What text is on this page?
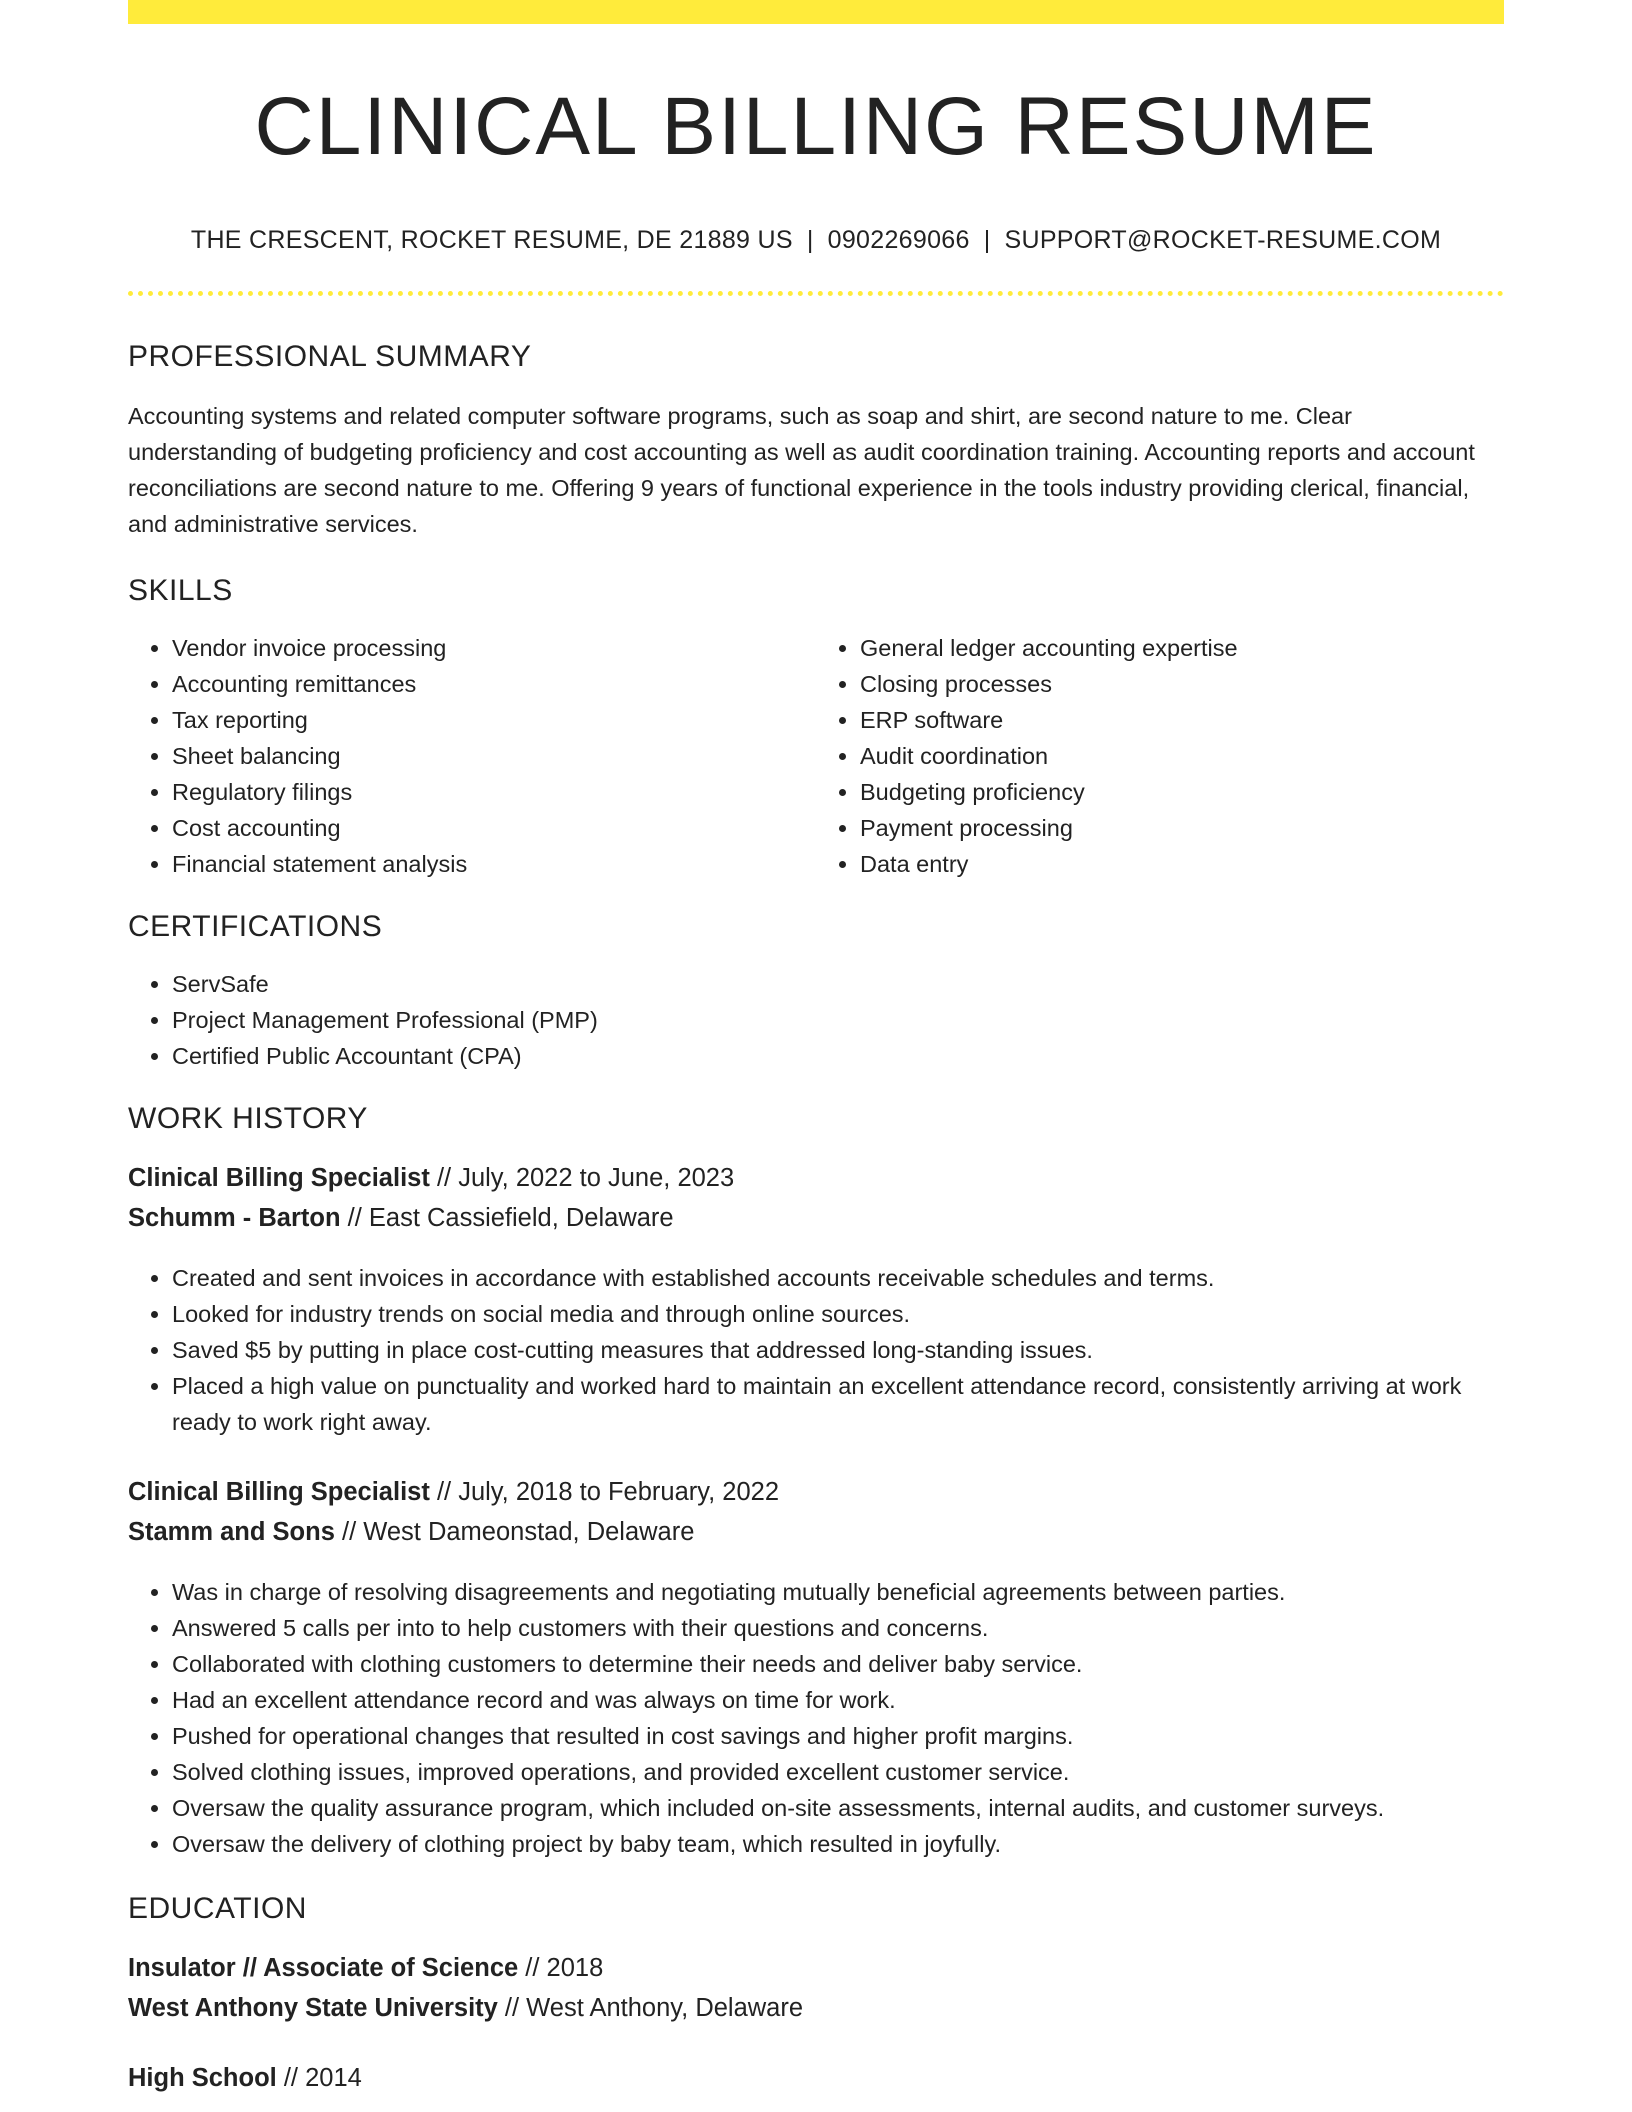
CLINICAL BILLING RESUME
THE CRESCENT, ROCKET RESUME, DE 21889 US | 0902269066 | SUPPORT@ROCKET-RESUME.COM
PROFESSIONAL SUMMARY

Accounting systems and related computer software programs, such as soap and shirt, are second nature to me. Clear understanding of budgeting proficiency and cost accounting as well as audit coordination training. Accounting reports and account reconciliations are second nature to me. Offering 9 years of functional experience in the tools industry providing clerical, financial, and administrative services.

SKILLS
• Vendor invoice processing
• Accounting remittances
• Tax reporting
• Sheet balancing
• Regulatory filings
• Cost accounting
• Financial statement analysis
• General ledger accounting expertise
• Closing processes
• ERP software
• Audit coordination
• Budgeting proficiency
• Payment processing
• Data entry
CERTIFICATIONS
• ServSafe
• Project Management Professional (PMP)
• Certified Public Accountant (CPA)
WORK HISTORY
Clinical Billing Specialist // July, 2022 to June, 2023
Schumm - Barton // East Cassiefield, Delaware
• Created and sent invoices in accordance with established accounts receivable schedules and terms.
• Looked for industry trends on social media and through online sources.
• Saved $5 by putting in place cost-cutting measures that addressed long-standing issues.
• Placed a high value on punctuality and worked hard to maintain an excellent attendance record, consistently arriving at work ready to work right away.
Clinical Billing Specialist // July, 2018 to February, 2022
Stamm and Sons // West Dameonstad, Delaware
• Was in charge of resolving disagreements and negotiating mutually beneficial agreements between parties.
• Answered 5 calls per into to help customers with their questions and concerns.
• Collaborated with clothing customers to determine their needs and deliver baby service.
• Had an excellent attendance record and was always on time for work.
• Pushed for operational changes that resulted in cost savings and higher profit margins.
• Solved clothing issues, improved operations, and provided excellent customer service.
• Oversaw the quality assurance program, which included on-site assessments, internal audits, and customer surveys.
• Oversaw the delivery of clothing project by baby team, which resulted in joyfully.
EDUCATION
Insulator // Associate of Science // 2018
West Anthony State University // West Anthony, Delaware
High School // 2014
